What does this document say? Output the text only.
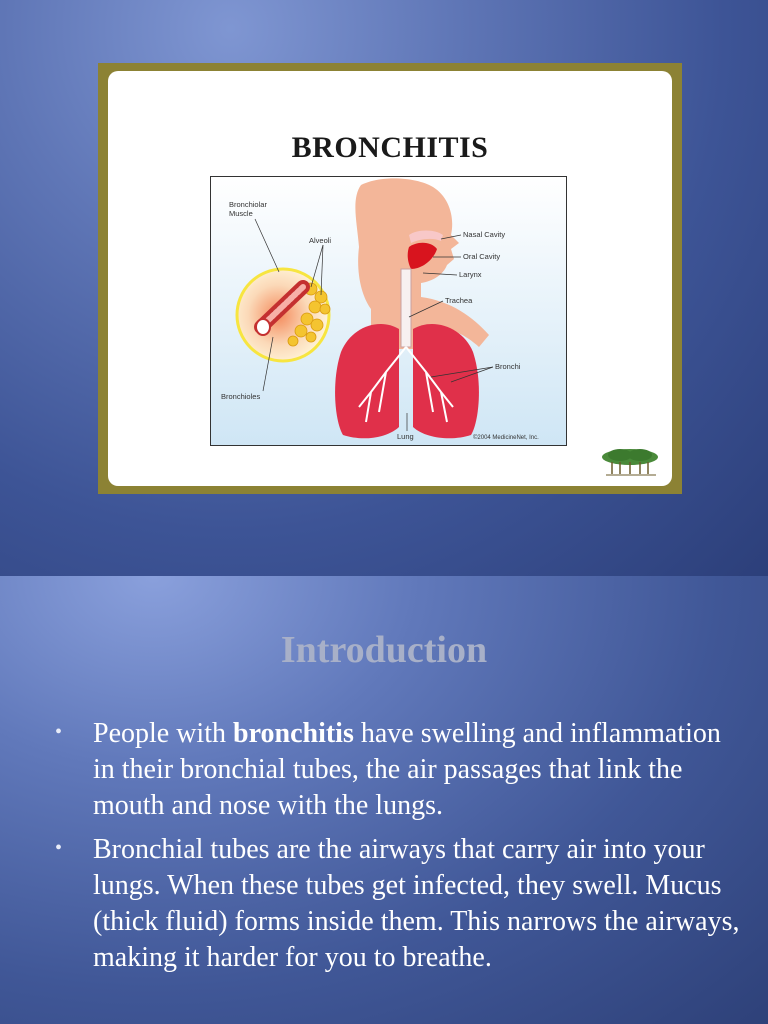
BRONCHITIS
Bronchiolar
Muscle
Alveoli
Nasal Cavity
Oral Cavity
Larynx
Trachea
Bronchi
Bronchioles
Lung	©2004 MedicineNet, Inc.
Introduction
• People with bronchitis have swelling and inflammation in their bronchial tubes, the air passages that link the mouth and nose with the lungs.
• Bronchial tubes are the airways that carry air into your lungs. When these tubes get infected, they swell. Mucus (thick fluid) forms inside them. This narrows the airways, making it harder for you to breathe.
